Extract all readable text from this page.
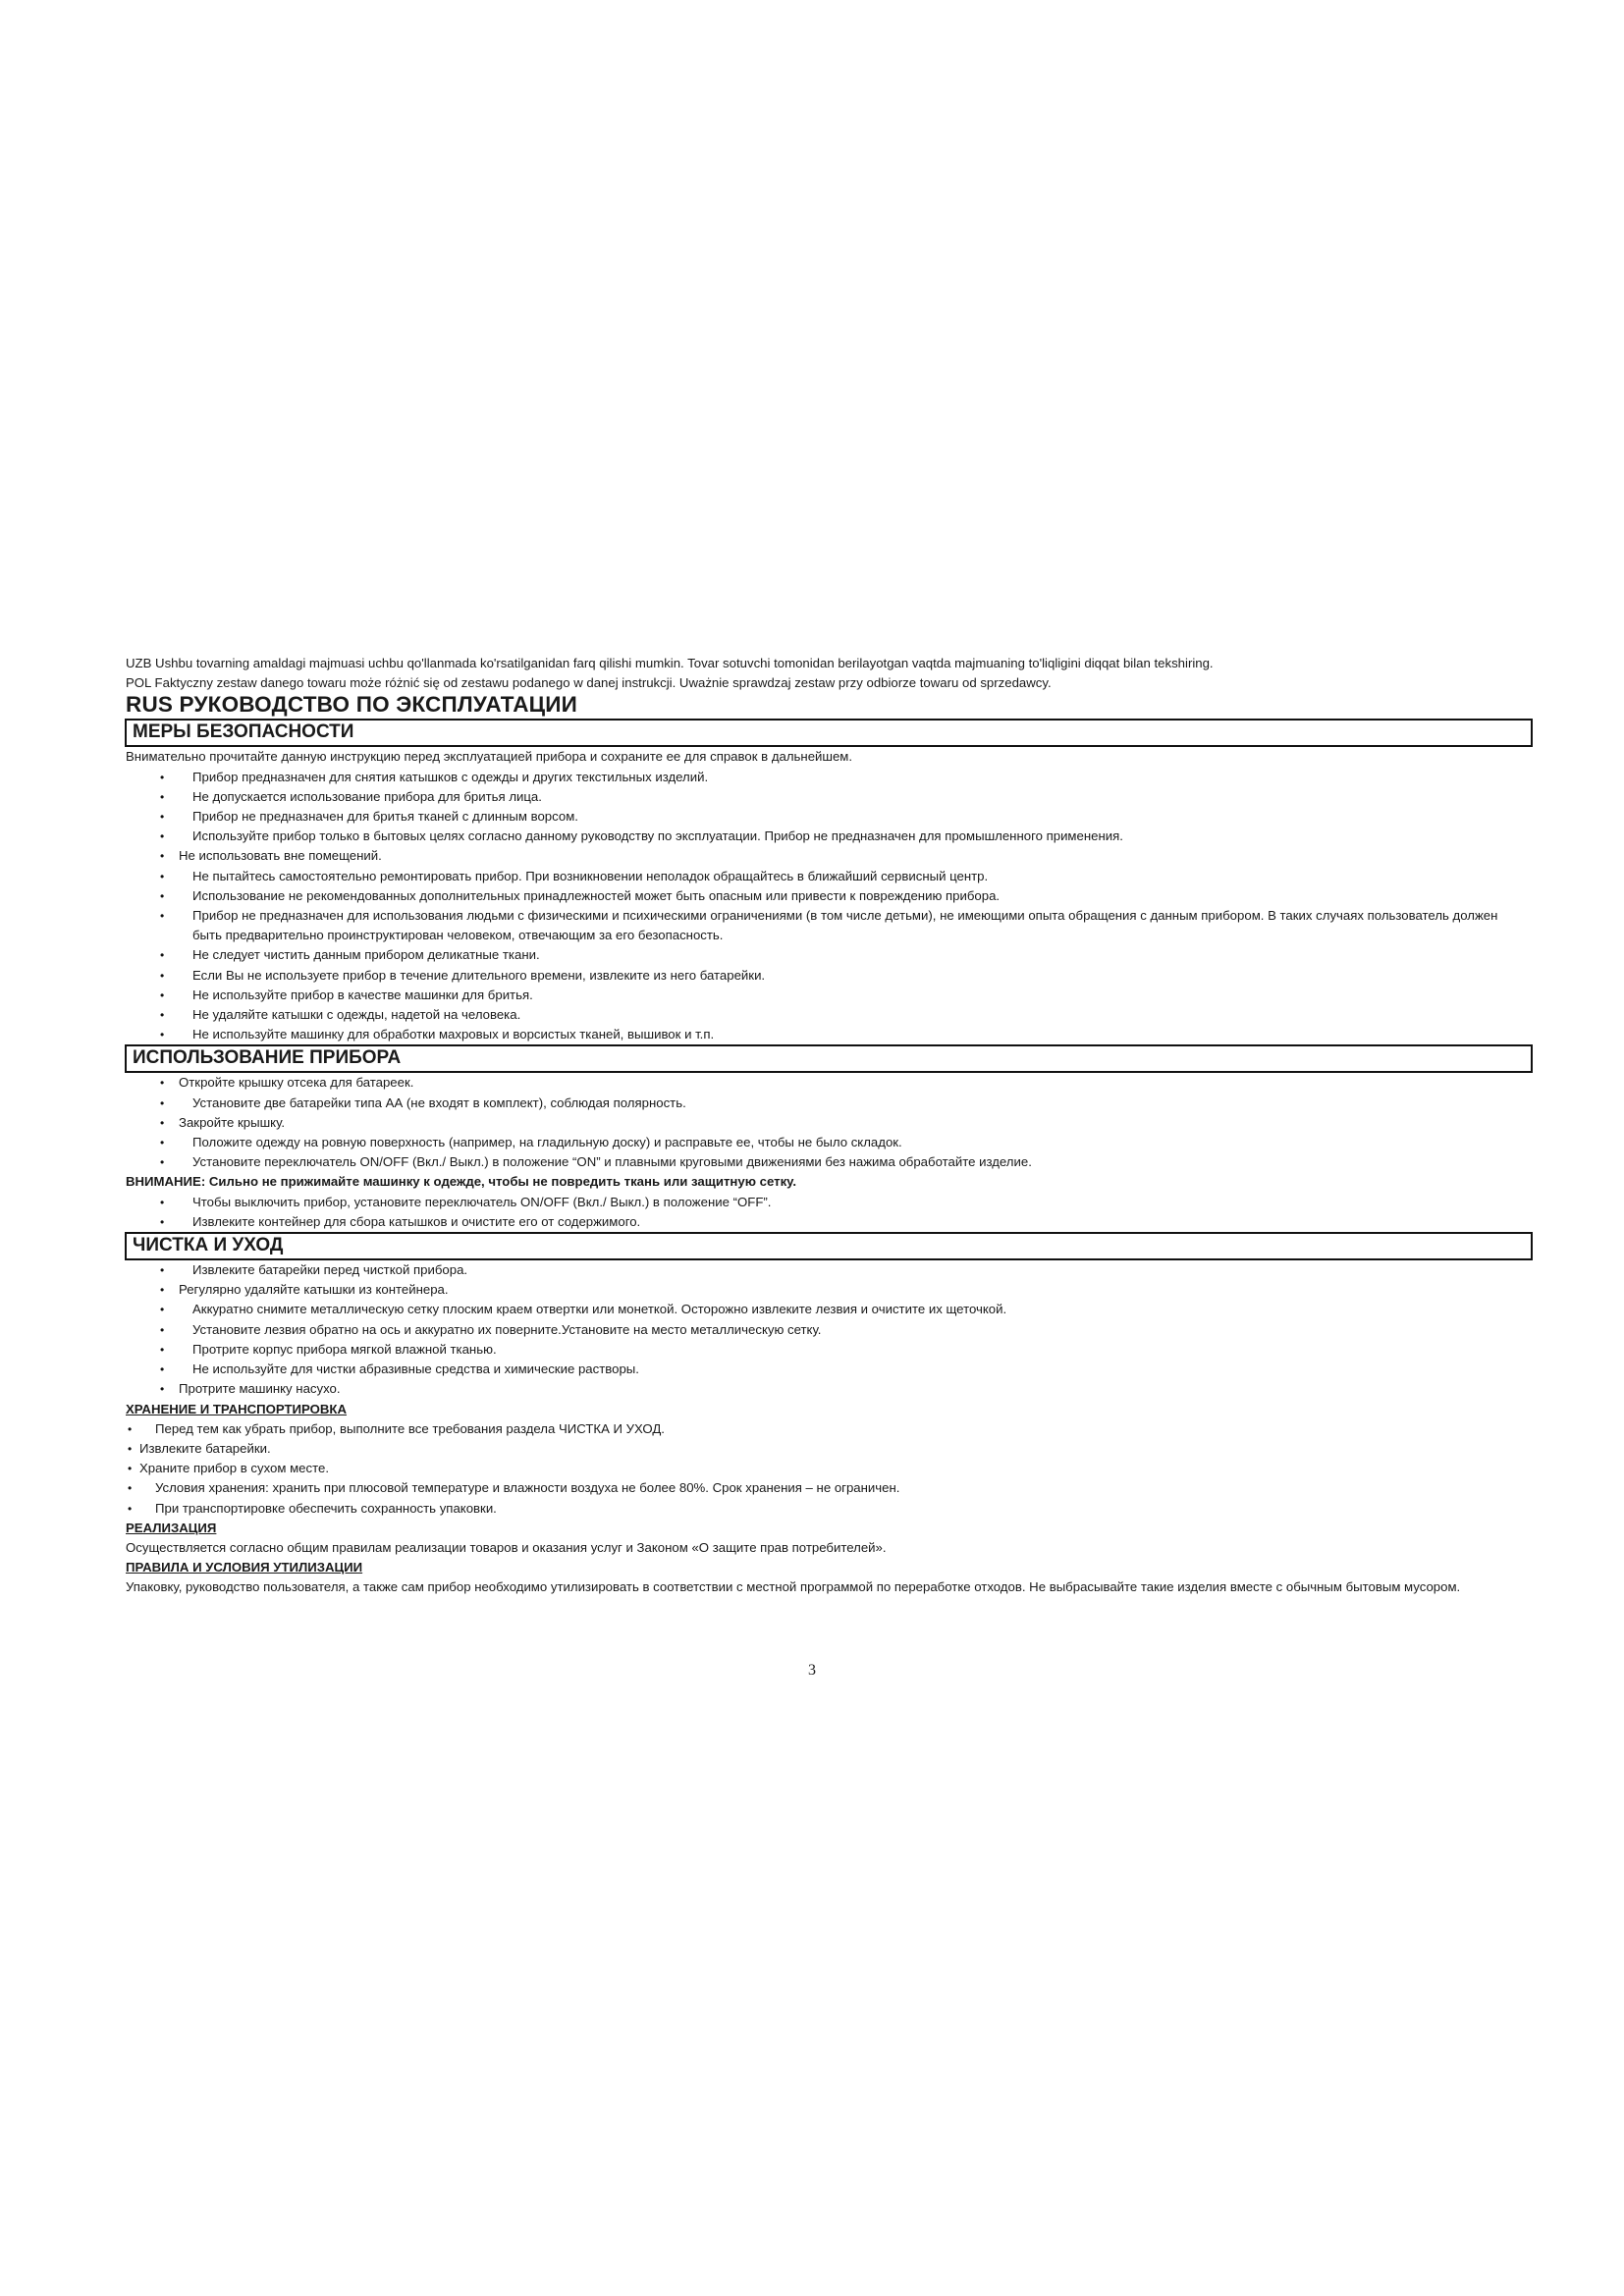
UZB Ushbu tovarning amaldagi majmuasi uchbu qo'llanmada ko'rsatilganidan farq qilishi mumkin. Tovar sotuvchi tomonidan berilayotgan vaqtda majmuaning to'liqligini diqqat bilan tekshiring.
POL Faktyczny zestaw danego towaru może różnić się od zestawu podanego w danej instrukcji. Uważnie sprawdzaj zestaw przy odbiorze towaru od sprzedawcy.
RUS РУКОВОДСТВО ПО ЭКСПЛУАТАЦИИ
МЕРЫ БЕЗОПАСНОСТИ
Внимательно прочитайте данную инструкцию перед эксплуатацией прибора и сохраните ее для справок в дальнейшем.
• Прибор предназначен для снятия катышков с одежды и других текстильных изделий.
• Не допускается использование прибора для бритья лица.
• Прибор не предназначен для бритья тканей с длинным ворсом.
• Используйте прибор только в бытовых целях согласно данному руководству по эксплуатации. Прибор не предназначен для промышленного применения.
• Не использовать вне помещений.
• Не пытайтесь самостоятельно ремонтировать прибор. При возникновении неполадок обращайтесь в ближайший сервисный центр.
• Использование не рекомендованных дополнительных принадлежностей может быть опасным или привести к повреждению прибора.
• Прибор не предназначен для использования людьми с физическими и психическими ограничениями (в том числе детьми), не имеющими опыта обращения с данным прибором. В таких случаях пользователь должен быть предварительно проинструктирован человеком, отвечающим за его безопасность.
• Не следует чистить данным прибором деликатные ткани.
• Если Вы не используете прибор в течение длительного времени, извлеките из него батарейки.
• Не используйте прибор в качестве машинки для бритья.
• Не удаляйте катышки с одежды, надетой на человека.
• Не используйте машинку для обработки махровых и ворсистых тканей, вышивок и т.п.
ИСПОЛЬЗОВАНИЕ ПРИБОРА
• Откройте крышку отсека для батареек.
• Установите две батарейки типа АА (не входят в комплект), соблюдая полярность.
• Закройте крышку.
• Положите одежду на ровную поверхность (например, на гладильную доску) и расправьте ее, чтобы не было складок.
• Установите переключатель ON/OFF (Вкл./ Выкл.) в положение “ON” и плавными круговыми движениями без нажима обработайте изделие.
ВНИМАНИЕ: Сильно не прижимайте машинку к одежде, чтобы не повредить ткань или защитную сетку.
• Чтобы выключить прибор, установите переключатель ON/OFF (Вкл./ Выкл.) в положение “OFF”.
• Извлеките контейнер для сбора катышков и очистите его от содержимого.
ЧИСТКА И УХОД
• Извлеките батарейки перед чисткой прибора.
• Регулярно удаляйте катышки из контейнера.
• Аккуратно снимите металлическую сетку плоским краем отвертки или монеткой. Осторожно извлеките лезвия и очистите их щеточкой.
• Установите лезвия обратно на ось и аккуратно их поверните.Установите на место металлическую сетку.
• Протрите корпус прибора мягкой влажной тканью.
• Не используйте для чистки абразивные средства и химические растворы.
• Протрите машинку насухо.
ХРАНЕНИЕ И ТРАНСПОРТИРОВКА
• Перед тем как убрать прибор, выполните все требования раздела ЧИСТКА И УХОД.
• Извлеките батарейки.
• Храните прибор в сухом месте.
• Условия хранения: хранить при плюсовой температуре и влажности воздуха не более 80%. Срок хранения – не ограничен.
• При транспортировке обеспечить сохранность упаковки.
РЕАЛИЗАЦИЯ
Осуществляется согласно общим правилам реализации товаров и оказания услуг и Законом «О защите прав потребителей».
ПРАВИЛА И УСЛОВИЯ УТИЛИЗАЦИИ
Упаковку, руководство пользователя, а также сам прибор необходимо утилизировать в соответствии с местной программой по переработке отходов. Не выбрасывайте такие изделия вместе с обычным бытовым мусором.
3
